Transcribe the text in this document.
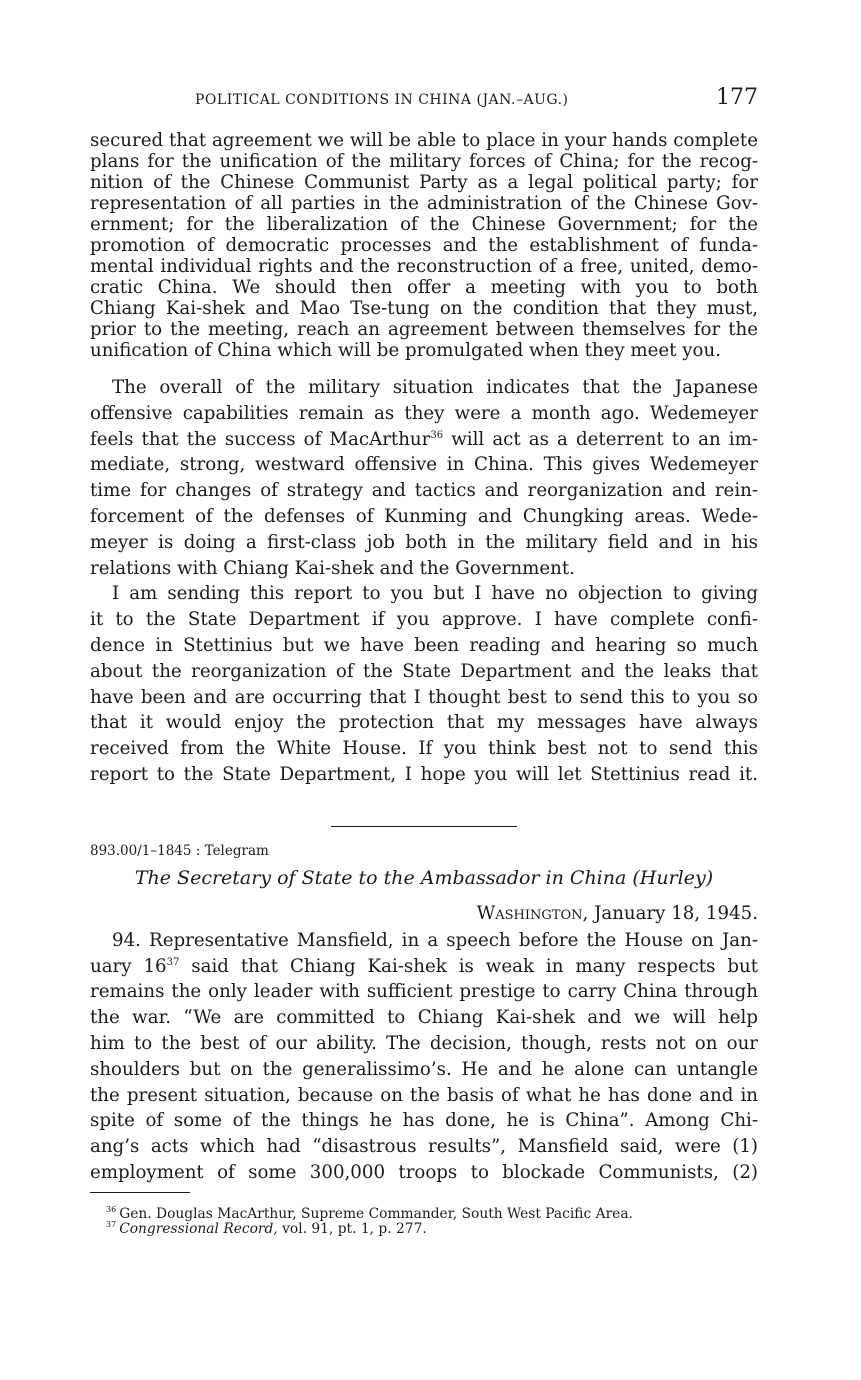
POLITICAL CONDITIONS IN CHINA (JAN.–AUG.)	177

secured that agreement we will be able to place in your hands complete
plans for the unification of the military forces of China; for the recog-
nition of the Chinese Communist Party as a legal political party; for
representation of all parties in the administration of the Chinese Gov-
ernment; for the liberalization of the Chinese Government; for the
promotion of democratic processes and the establishment of funda-
mental individual rights and the reconstruction of a free, united, demo-
cratic China. We should then offer a meeting with you to both
Chiang Kai-shek and Mao Tse-tung on the condition that they must,
prior to the meeting, reach an agreement between themselves for the
unification of China which will be promulgated when they meet you.

The overall of the military situation indicates that the Japanese
offensive capabilities remain as they were a month ago. Wedemeyer
feels that the success of MacArthur$^{36}$ will act as a deterrent to an im-
mediate, strong, westward offensive in China. This gives Wedemeyer
time for changes of strategy and tactics and reorganization and rein-
forcement of the defenses of Kunming and Chungking areas. Wede-
meyer is doing a first-class job both in the military field and in his
relations with Chiang Kai-shek and the Government.

I am sending this report to you but I have no objection to giving
it to the State Department if you approve. I have complete confi-
dence in Stettinius but we have been reading and hearing so much
about the reorganization of the State Department and the leaks that
have been and are occurring that I thought best to send this to you so
that it would enjoy the protection that my messages have always
received from the White House. If you think best not to send this
report to the State Department, I hope you will let Stettinius read it.

893.00/1–1845 : Telegram
The Secretary of State to the Ambassador in China (Hurley)
Washington, January 18, 1945.

94. Representative Mansfield, in a speech before the House on Jan-
uary 16$^{37}$ said that Chiang Kai-shek is weak in many respects but
remains the only leader with sufficient prestige to carry China through
the war. “We are committed to Chiang Kai-shek and we will help
him to the best of our ability. The decision, though, rests not on our
shoulders but on the generalissimo’s. He and he alone can untangle
the present situation, because on the basis of what he has done and in
spite of some of the things he has done, he is China”. Among Chi-
ang’s acts which had “disastrous results”, Mansfield said, were (1)
employment of some 300,000 troops to blockade Communists, (2)

$^{36}$ Gen. Douglas MacArthur, Supreme Commander, South West Pacific Area.
$^{37}$ Congressional Record, vol. 91, pt. 1, p. 277.
